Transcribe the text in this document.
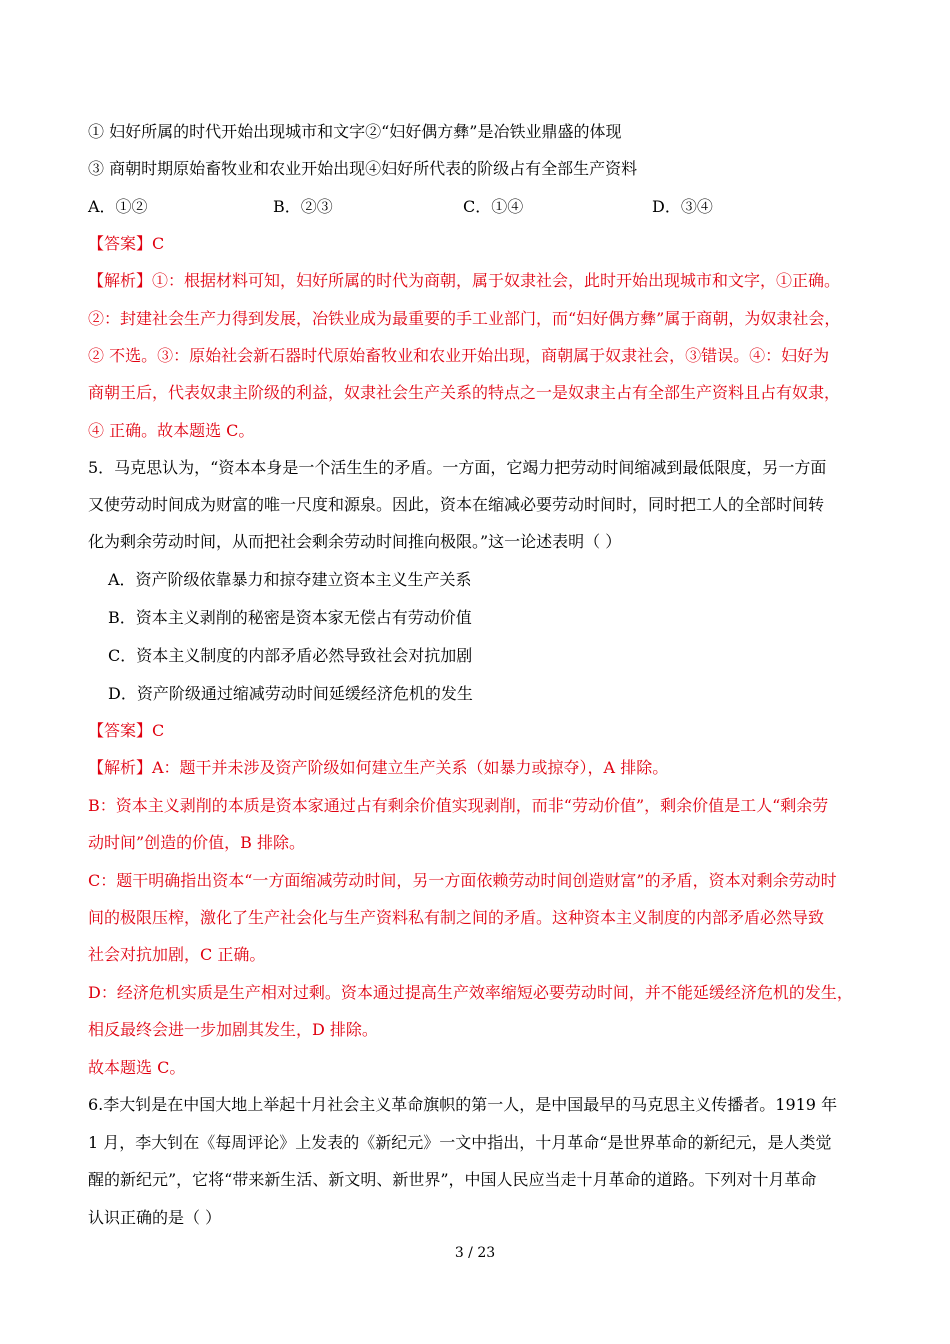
① 妇好所属的时代开始出现城市和文字②“妇好偶方彝”是冶铁业鼎盛的体现
③ 商朝时期原始畜牧业和农业开始出现④妇好所代表的阶级占有全部生产资料
A．①②	B．②③	C．①④	D．③④
【答案】C
【解析】①：根据材料可知，妇好所属的时代为商朝，属于奴隶社会，此时开始出现城市和文字，①正确。
②：封建社会生产力得到发展，冶铁业成为最重要的手工业部门，而“妇好偶方彝”属于商朝，为奴隶社会，
② 不选。③：原始社会新石器时代原始畜牧业和农业开始出现，商朝属于奴隶社会，③错误。④：妇好为
商朝王后，代表奴隶主阶级的利益，奴隶社会生产关系的特点之一是奴隶主占有全部生产资料且占有奴隶，
④ 正确。故本题选 C。
5．马克思认为，“资本本身是一个活生生的矛盾。一方面，它竭力把劳动时间缩减到最低限度，另一方面
又使劳动时间成为财富的唯一尺度和源泉。因此，资本在缩减必要劳动时间时，同时把工人的全部时间转
化为剩余劳动时间，从而把社会剩余劳动时间推向极限。”这一论述表明（ ）
A．资产阶级依靠暴力和掠夺建立资本主义生产关系
B．资本主义剥削的秘密是资本家无偿占有劳动价值
C．资本主义制度的内部矛盾必然导致社会对抗加剧
D．资产阶级通过缩减劳动时间延缓经济危机的发生
【答案】C
【解析】A：题干并未涉及资产阶级如何建立生产关系（如暴力或掠夺），A 排除。
B：资本主义剥削的本质是资本家通过占有剩余价值实现剥削，而非“劳动价值”，剩余价值是工人“剩余劳
动时间”创造的价值，B 排除。
C：题干明确指出资本“一方面缩减劳动时间，另一方面依赖劳动时间创造财富”的矛盾，资本对剩余劳动时
间的极限压榨，激化了生产社会化与生产资料私有制之间的矛盾。这种资本主义制度的内部矛盾必然导致
社会对抗加剧，C 正确。
D：经济危机实质是生产相对过剩。资本通过提高生产效率缩短必要劳动时间，并不能延缓经济危机的发生，
相反最终会进一步加剧其发生，D 排除。
故本题选 C。
6.李大钊是在中国大地上举起十月社会主义革命旗帜的第一人，是中国最早的马克思主义传播者。1919 年
1 月，李大钊在《每周评论》上发表的《新纪元》一文中指出，十月革命“是世界革命的新纪元，是人类觉
醒的新纪元”，它将“带来新生活、新文明、新世界”，中国人民应当走十月革命的道路。下列对十月革命
认识正确的是（ ）
3 / 23
